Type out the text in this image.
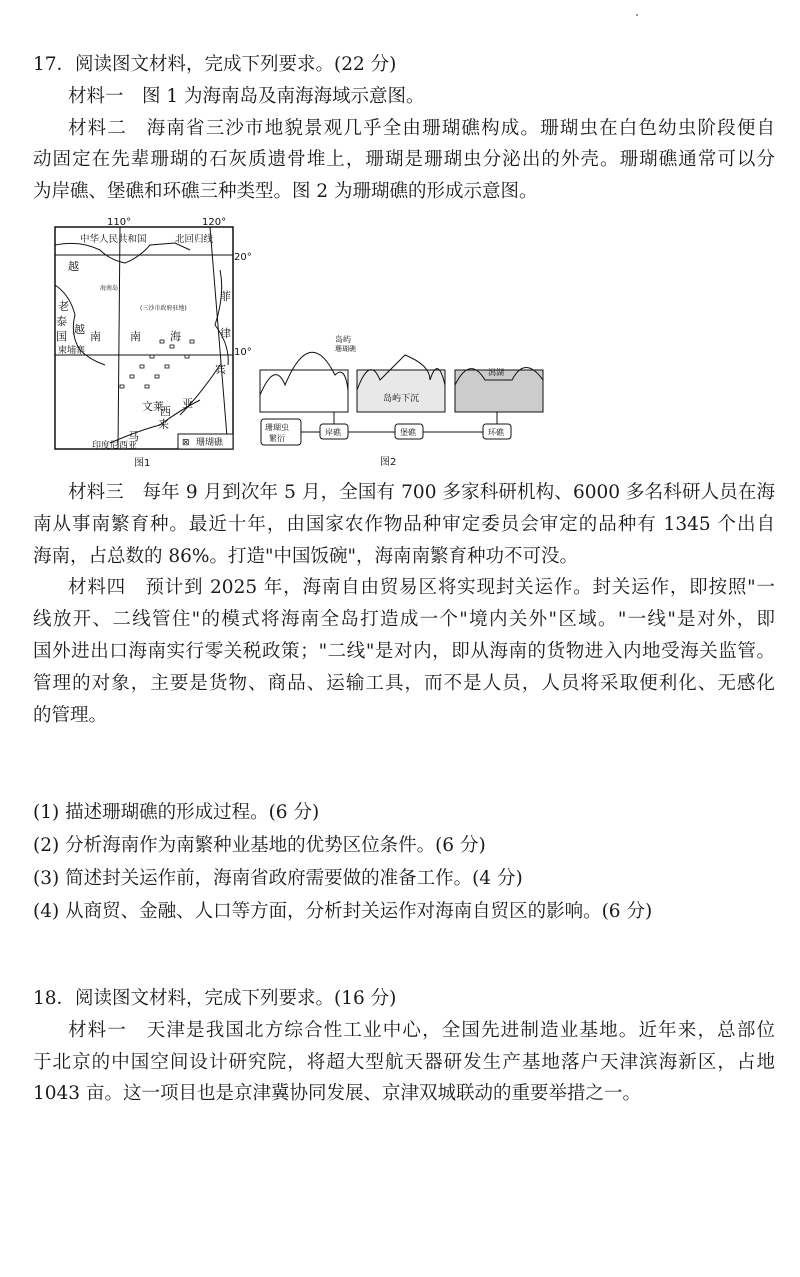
17．阅读图文材料，完成下列要求。(22 分)
材料一　图 1 为海南岛及南海海域示意图。
材料二　海南省三沙市地貌景观几乎全由珊瑚礁构成。珊瑚虫在白色幼虫阶段便自
动固定在先辈珊瑚的石灰质遗骨堆上，珊瑚是珊瑚虫分泌出的外壳。珊瑚礁通常可以分
为岸礁、堡礁和环礁三种类型。图 2 为珊瑚礁的形成示意图。
110°	120°
20°
10°
中华人民共和国	北回归线
越
海南岛
(三沙市政府驻地)
老
泰
国
柬埔寨
越
南	南	海
菲
律
宾
文莱 亚
马
来
西
印度尼西亚	⊠ 珊瑚礁
图1
岛屿
珊瑚礁
岛屿下沉
潟湖
珊瑚虫
繁衍
岸礁	堡礁	环礁
图2
材料三　每年 9 月到次年 5 月，全国有 700 多家科研机构、6000 多名科研人员在海
南从事南繁育种。最近十年，由国家农作物品种审定委员会审定的品种有 1345 个出自
海南，占总数的 86%。打造"中国饭碗"，海南南繁育种功不可没。
材料四　预计到 2025 年，海南自由贸易区将实现封关运作。封关运作，即按照"一
线放开、二线管住"的模式将海南全岛打造成一个"境内关外"区域。"一线"是对外，即
国外进出口海南实行零关税政策；"二线"是对内，即从海南的货物进入内地受海关监管。
管理的对象，主要是货物、商品、运输工具，而不是人员，人员将采取便利化、无感化
的管理。
(1) 描述珊瑚礁的形成过程。(6 分)
(2) 分析海南作为南繁种业基地的优势区位条件。(6 分)
(3) 简述封关运作前，海南省政府需要做的准备工作。(4 分)
(4) 从商贸、金融、人口等方面，分析封关运作对海南自贸区的影响。(6 分)
18．阅读图文材料，完成下列要求。(16 分)
材料一　天津是我国北方综合性工业中心，全国先进制造业基地。近年来，总部位
于北京的中国空间设计研究院，将超大型航天器研发生产基地落户天津滨海新区，占地
1043 亩。这一项目也是京津冀协同发展、京津双城联动的重要举措之一。
